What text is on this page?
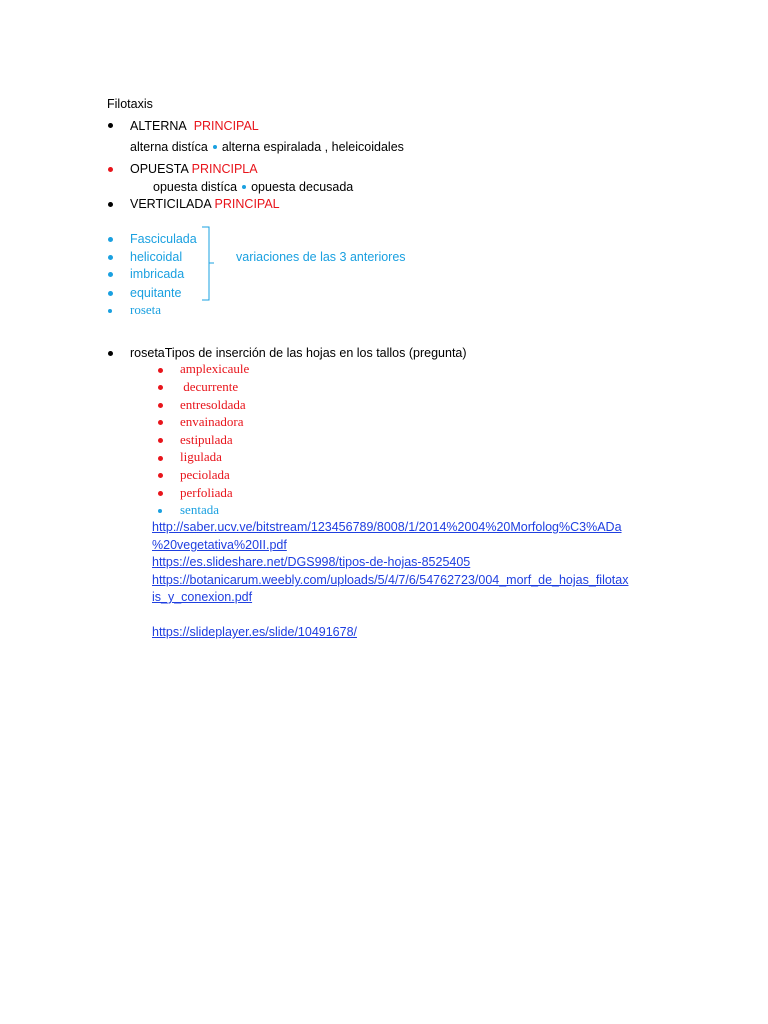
Filotaxis
ALTERNA PRINCIPAL
alterna distíca alterna espiralada , heleicoidales
OPUESTA PRINCIPLA
opuesta distíca opuesta decusada
VERTICILADA PRINCIPAL
Fasciculada
helicoidal
imbricada
equitante
variaciones de las 3 anteriores
roseta
rosetaTipos de inserción de las hojas en los tallos (pregunta)
amplexicaule
decurrente
entresoldada
envainadora
estipulada
ligulada
peciolada
perfoliada
sentada
http://saber.ucv.ve/bitstream/123456789/8008/1/2014%2004%20Morfolog%C3%ADa
%20vegetativa%20II.pdf
https://es.slideshare.net/DGS998/tipos-de-hojas-8525405
https://botanicarum.weebly.com/uploads/5/4/7/6/54762723/004_morf_de_hojas_filotax
is_y_conexion.pdf
https://slideplayer.es/slide/10491678/
